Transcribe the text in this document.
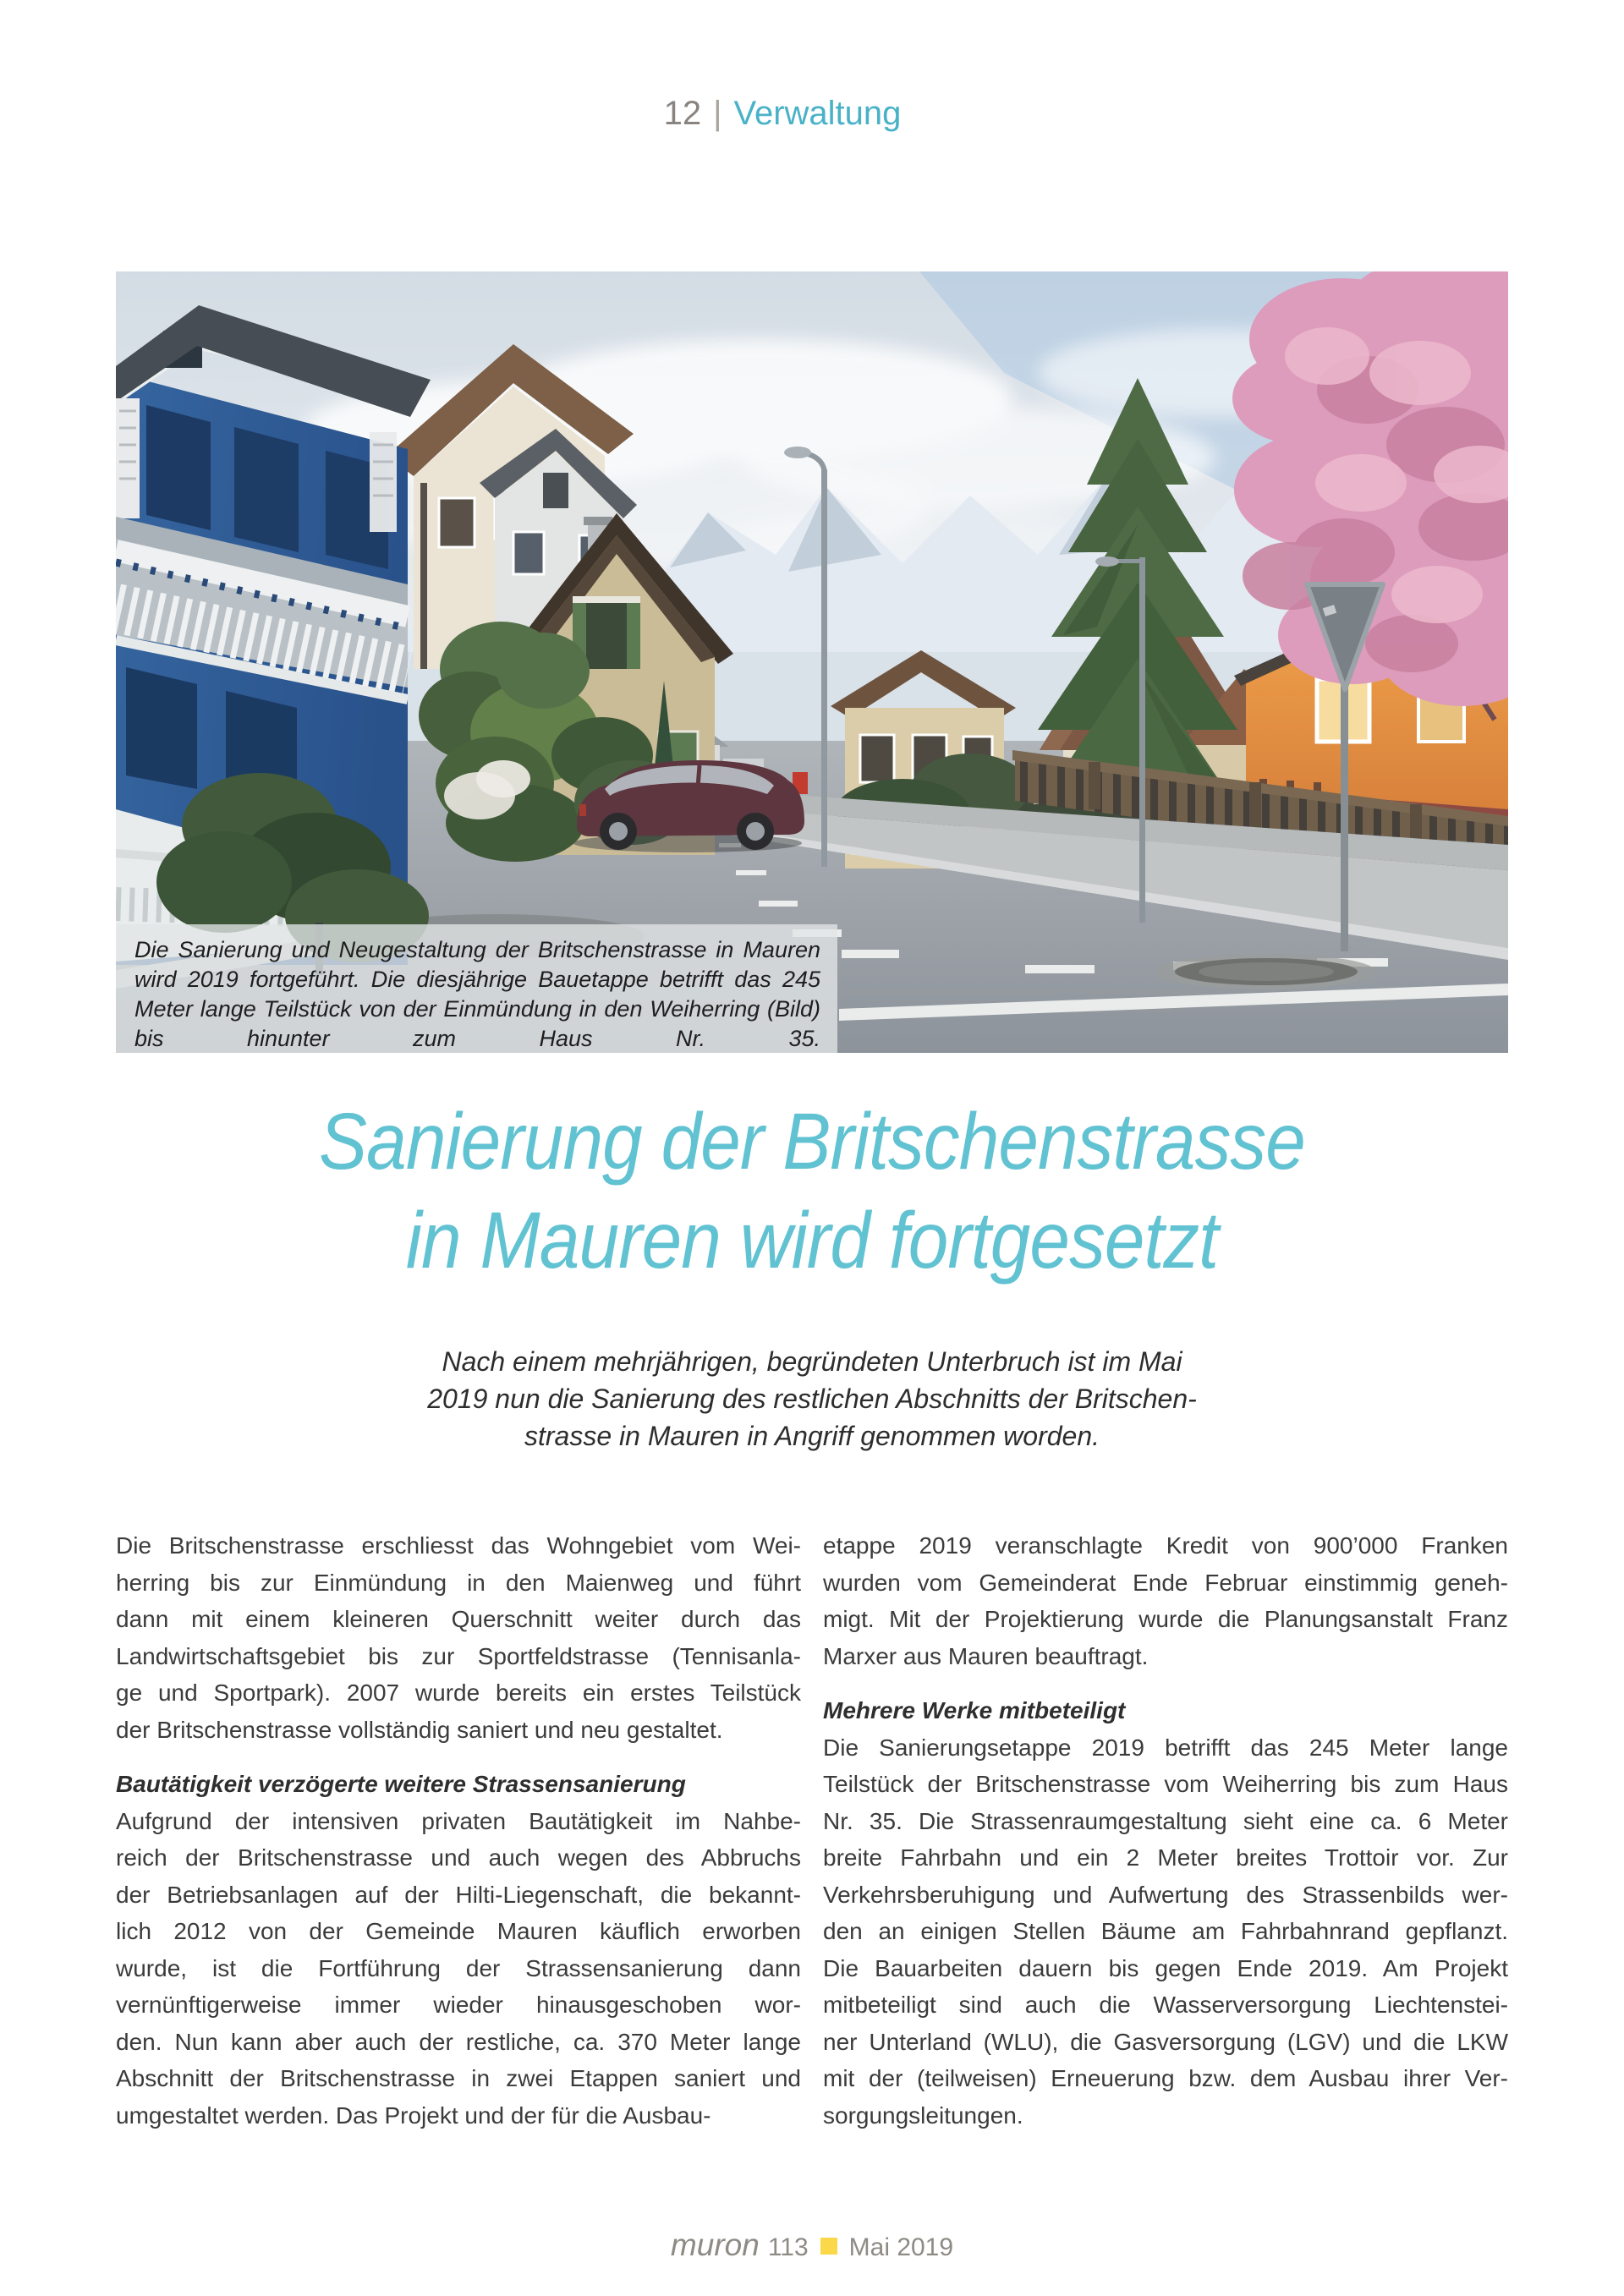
12 | Verwaltung
Die Sanierung und Neugestaltung der Britschenstrasse in Mauren
wird 2019 fortgeführt. Die diesjährige Bauetappe betrifft das 245
Meter lange Teilstück von der Einmündung in den Weiherring (Bild)
bis hinunter zum Haus Nr. 35.
Sanierung der Britschenstrasse
in Mauren wird fortgesetzt
Nach einem mehrjährigen, begründeten Unterbruch ist im Mai
2019 nun die Sanierung des restlichen Abschnitts der Britschen-
strasse in Mauren in Angriff genommen worden.
Die Britschenstrasse erschliesst das Wohngebiet vom Wei-
herring bis zur Einmündung in den Maienweg und führt
dann mit einem kleineren Querschnitt weiter durch das
Landwirtschaftsgebiet bis zur Sportfeldstrasse (Tennisanla-
ge und Sportpark). 2007 wurde bereits ein erstes Teilstück
der Britschenstrasse vollständig saniert und neu gestaltet.
Bautätigkeit verzögerte weitere Strassensanierung
Aufgrund der intensiven privaten Bautätigkeit im Nahbe-
reich der Britschenstrasse und auch wegen des Abbruchs
der Betriebsanlagen auf der Hilti-Liegenschaft, die bekannt-
lich 2012 von der Gemeinde Mauren käuflich erworben
wurde, ist die Fortführung der Strassensanierung dann
vernünftigerweise immer wieder hinausgeschoben wor-
den. Nun kann aber auch der restliche, ca. 370 Meter lange
Abschnitt der Britschenstrasse in zwei Etappen saniert und
umgestaltet werden. Das Projekt und der für die Ausbau-
etappe 2019 veranschlagte Kredit von 900’000 Franken
wurden vom Gemeinderat Ende Februar einstimmig geneh-
migt. Mit der Projektierung wurde die Planungsanstalt Franz
Marxer aus Mauren beauftragt.
Mehrere Werke mitbeteiligt
Die Sanierungsetappe 2019 betrifft das 245 Meter lange
Teilstück der Britschenstrasse vom Weiherring bis zum Haus
Nr. 35. Die Strassenraumgestaltung sieht eine ca. 6 Meter
breite Fahrbahn und ein 2 Meter breites Trottoir vor. Zur
Verkehrsberuhigung und Aufwertung des Strassenbilds wer-
den an einigen Stellen Bäume am Fahrbahnrand gepflanzt.
Die Bauarbeiten dauern bis gegen Ende 2019. Am Projekt
mitbeteiligt sind auch die Wasserversorgung Liechtenstei-
ner Unterland (WLU), die Gasversorgung (LGV) und die LKW
mit der (teilweisen) Erneuerung bzw. dem Ausbau ihrer Ver-
sorgungsleitungen.
muron 113 Mai 2019
